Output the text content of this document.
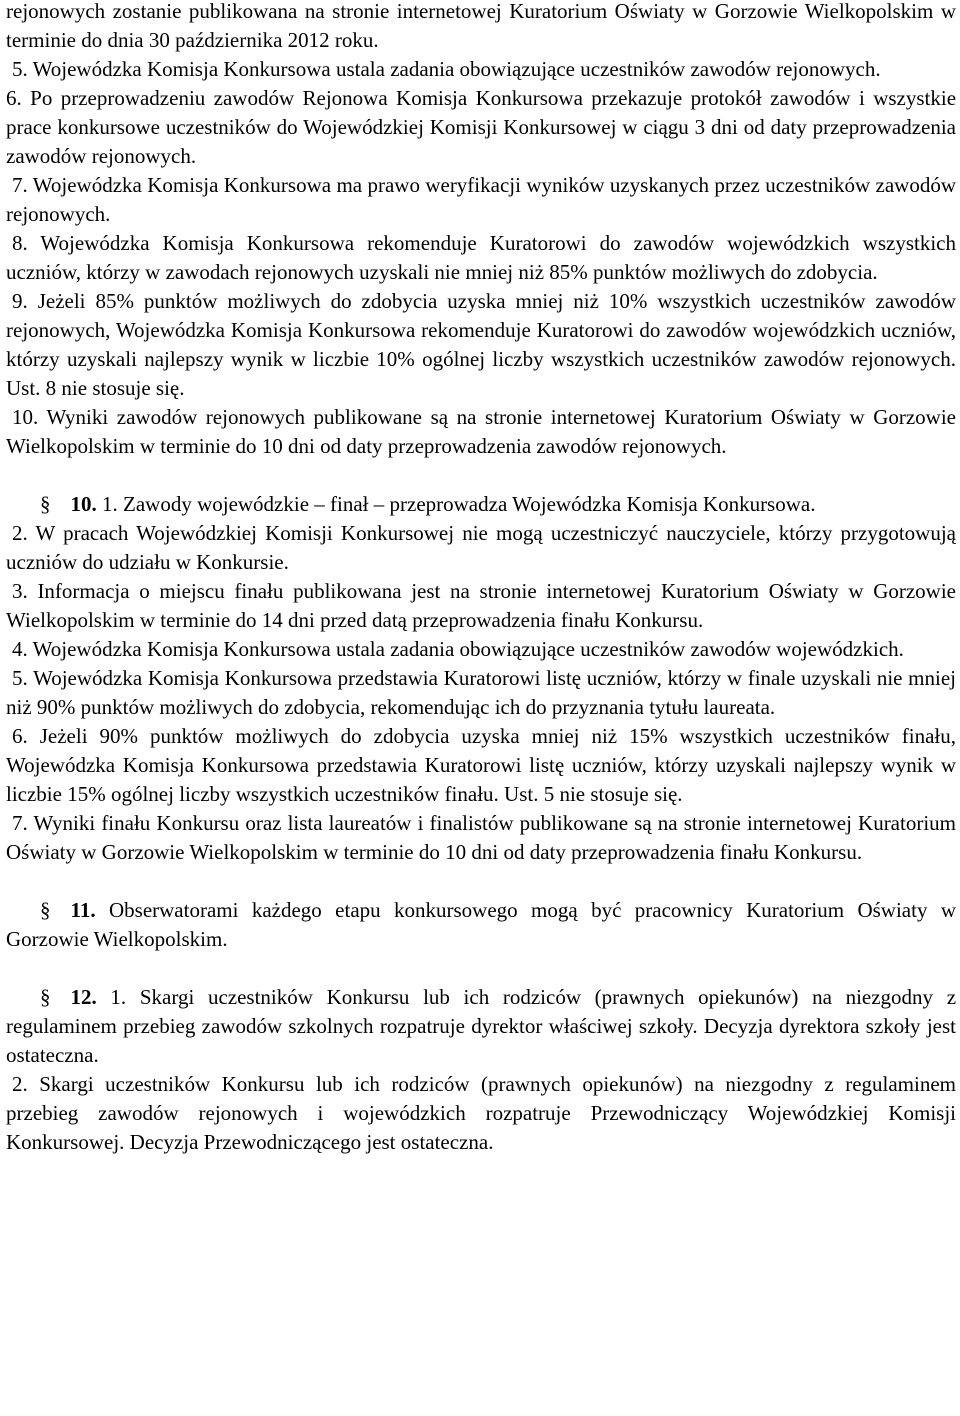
rejonowych zostanie publikowana na stronie internetowej Kuratorium Oświaty w Gorzowie Wielkopolskim w terminie do dnia 30 października 2012 roku.

5. Wojewódzka Komisja Konkursowa ustala zadania obowiązujące uczestników zawodów rejonowych.

6. Po przeprowadzeniu zawodów Rejonowa Komisja Konkursowa przekazuje protokół zawodów i wszystkie prace konkursowe uczestników do Wojewódzkiej Komisji Konkursowej w ciągu 3 dni od daty przeprowadzenia zawodów rejonowych.

7. Wojewódzka Komisja Konkursowa ma prawo weryfikacji wyników uzyskanych przez uczestników zawodów rejonowych.

8. Wojewódzka Komisja Konkursowa rekomenduje Kuratorowi do zawodów wojewódzkich wszystkich uczniów, którzy w zawodach rejonowych uzyskali nie mniej niż 85% punktów możliwych do zdobycia.

9. Jeżeli 85% punktów możliwych do zdobycia uzyska mniej niż 10% wszystkich uczestników zawodów rejonowych, Wojewódzka Komisja Konkursowa rekomenduje Kuratorowi do zawodów wojewódzkich uczniów, którzy uzyskali najlepszy wynik w liczbie 10% ogólnej liczby wszystkich uczestników zawodów rejonowych. Ust. 8 nie stosuje się.

10. Wyniki zawodów rejonowych publikowane są na stronie internetowej Kuratorium Oświaty w Gorzowie Wielkopolskim w terminie do 10 dni od daty przeprowadzenia zawodów rejonowych.

§ 10. 1. Zawody wojewódzkie – finał – przeprowadza Wojewódzka Komisja Konkursowa.

2. W pracach Wojewódzkiej Komisji Konkursowej nie mogą uczestniczyć nauczyciele, którzy przygotowują uczniów do udziału w Konkursie.

3. Informacja o miejscu finału publikowana jest na stronie internetowej Kuratorium Oświaty w Gorzowie Wielkopolskim w terminie do 14 dni przed datą przeprowadzenia finału Konkursu.

4. Wojewódzka Komisja Konkursowa ustala zadania obowiązujące uczestników zawodów wojewódzkich.

5. Wojewódzka Komisja Konkursowa przedstawia Kuratorowi listę uczniów, którzy w finale uzyskali nie mniej niż 90% punktów możliwych do zdobycia, rekomendując ich do przyznania tytułu laureata.

6. Jeżeli 90% punktów możliwych do zdobycia uzyska mniej niż 15% wszystkich uczestników finału, Wojewódzka Komisja Konkursowa przedstawia Kuratorowi listę uczniów, którzy uzyskali najlepszy wynik w liczbie 15% ogólnej liczby wszystkich uczestników finału. Ust. 5 nie stosuje się.

7. Wyniki finału Konkursu oraz lista laureatów i finalistów publikowane są na stronie internetowej Kuratorium Oświaty w Gorzowie Wielkopolskim w terminie do 10 dni od daty przeprowadzenia finału Konkursu.

§ 11. Obserwatorami każdego etapu konkursowego mogą być pracownicy Kuratorium Oświaty w Gorzowie Wielkopolskim.

§ 12. 1. Skargi uczestników Konkursu lub ich rodziców (prawnych opiekunów) na niezgodny z regulaminem przebieg zawodów szkolnych rozpatruje dyrektor właściwej szkoły. Decyzja dyrektora szkoły jest ostateczna.

2. Skargi uczestników Konkursu lub ich rodziców (prawnych opiekunów) na niezgodny z regulaminem przebieg zawodów rejonowych i wojewódzkich rozpatruje Przewodniczący Wojewódzkiej Komisji Konkursowej. Decyzja Przewodniczącego jest ostateczna.
